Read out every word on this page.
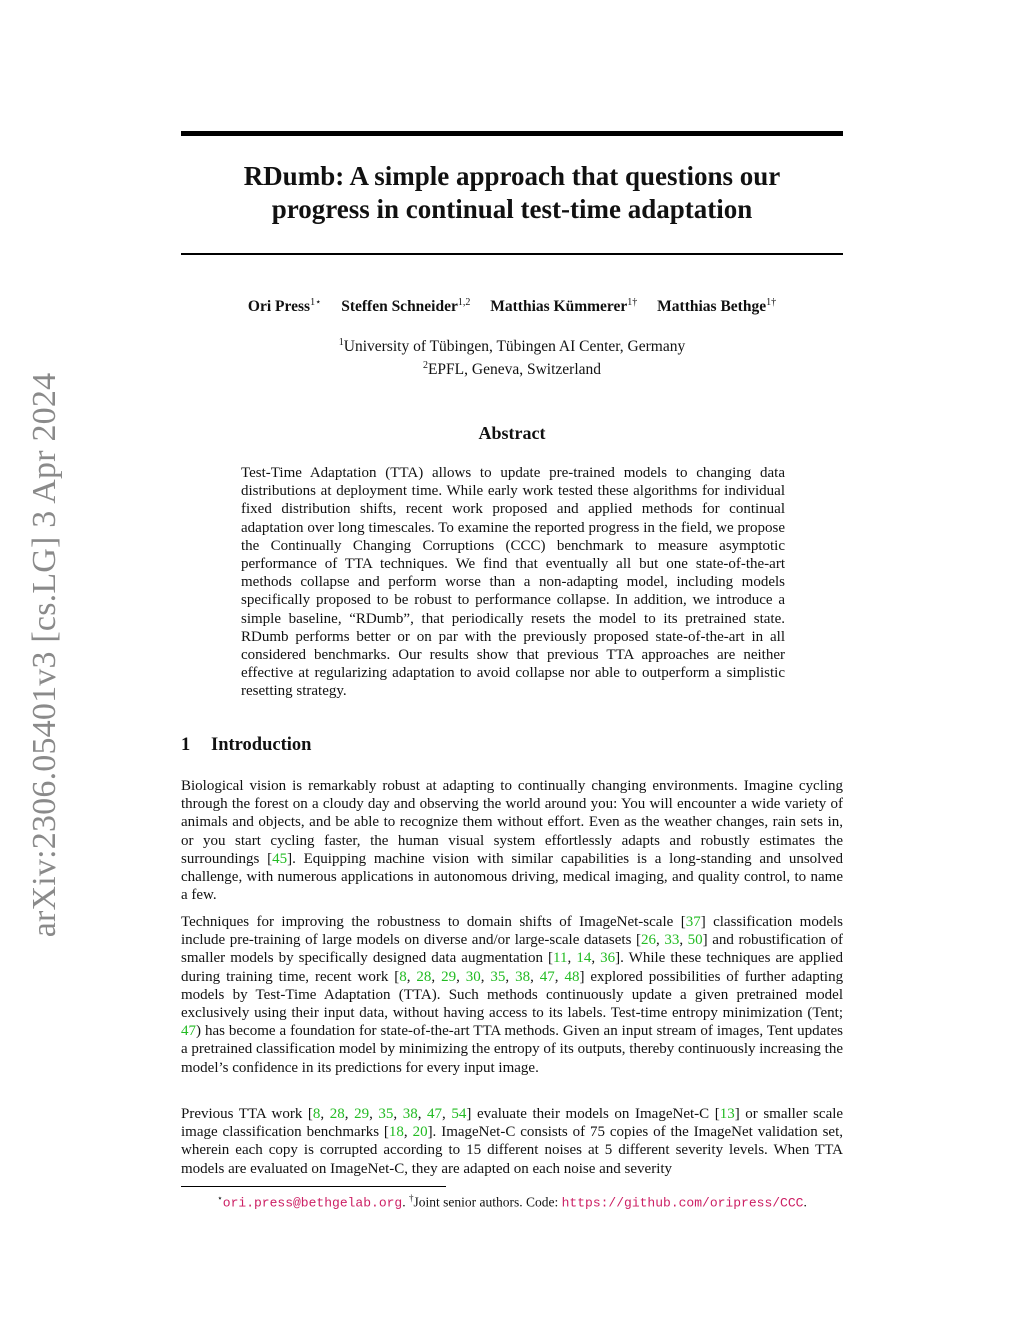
arXiv:2306.05401v3 [cs.LG] 3 Apr 2024
RDumb: A simple approach that questions our
progress in continual test-time adaptation
Ori Press$^{1⋆}$ Steffen Schneider$^{1,2}$ Matthias Kümmerer$^{1\dagger}$ Matthias Bethge$^{1\dagger}$
$^1$University of Tübingen, Tübingen AI Center, Germany
$^2$EPFL, Geneva, Switzerland
Abstract

Test-Time Adaptation (TTA) allows to update pre-trained models to changing data distributions at deployment time. While early work tested these algorithms for individual fixed distribution shifts, recent work proposed and applied methods for continual adaptation over long timescales. To examine the reported progress in the field, we propose the Continually Changing Corruptions (CCC) benchmark to measure asymptotic performance of TTA techniques. We find that eventually all but one state-of-the-art methods collapse and perform worse than a non-adapting model, including models specifically proposed to be robust to performance collapse. In addition, we introduce a simple baseline, “RDumb”, that periodically resets the model to its pretrained state. RDumb performs better or on par with the previously proposed state-of-the-art in all considered benchmarks. Our results show that previous TTA approaches are neither effective at regularizing adaptation to avoid collapse nor able to outperform a simplistic resetting strategy.

1 Introduction

Biological vision is remarkably robust at adapting to continually changing environments. Imagine cycling through the forest on a cloudy day and observing the world around you: You will encounter a wide variety of animals and objects, and be able to recognize them without effort. Even as the weather changes, rain sets in, or you start cycling faster, the human visual system effortlessly adapts and robustly estimates the surroundings [45]. Equipping machine vision with similar capabilities is a long-standing and unsolved challenge, with numerous applications in autonomous driving, medical imaging, and quality control, to name a few.

Techniques for improving the robustness to domain shifts of ImageNet-scale [37] classification models include pre-training of large models on diverse and/or large-scale datasets [26, 33, 50] and robustification of smaller models by specifically designed data augmentation [11, 14, 36]. While these techniques are applied during training time, recent work [8, 28, 29, 30, 35, 38, 47, 48] explored possibilities of further adapting models by Test-Time Adaptation (TTA). Such methods continuously update a given pretrained model exclusively using their input data, without having access to its labels. Test-time entropy minimization (Tent; 47) has become a foundation for state-of-the-art TTA methods. Given an input stream of images, Tent updates a pretrained classification model by minimizing the entropy of its outputs, thereby continuously increasing the model’s confidence in its predictions for every input image.

Previous TTA work [8, 28, 29, 35, 38, 47, 54] evaluate their models on ImageNet-C [13] or smaller scale image classification benchmarks [18, 20]. ImageNet-C consists of 75 copies of the ImageNet validation set, wherein each copy is corrupted according to 15 different noises at 5 different severity levels. When TTA models are evaluated on ImageNet-C, they are adapted on each noise and severity

⋆ori.press@bethgelab.org. †Joint senior authors. Code: https://github.com/oripress/CCC.
